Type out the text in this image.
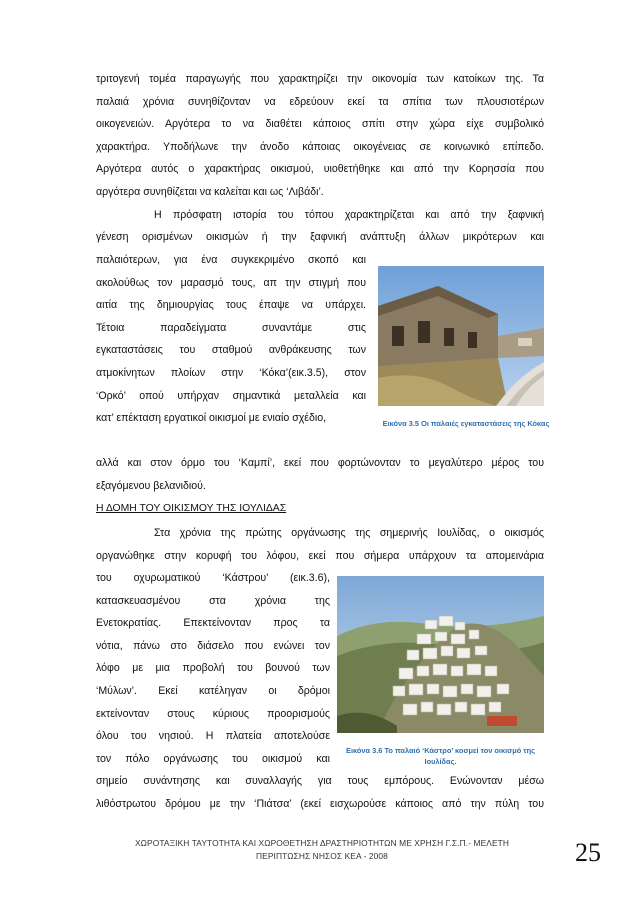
τριτογενή τομέα παραγωγής που χαρακτηρίζει την οικονομία των κατοίκων της. Τα
παλαιά χρόνια συνηθίζονταν να εδρεύουν εκεί τα σπίτια των πλουσιοτέρων
οικογενειών. Αργότερα το να διαθέτει κάποιος σπίτι στην χώρα είχε συμβολικό
χαρακτήρα. Υποδήλωνε την άνοδο κάποιας οικογένειας σε κοινωνικό επίπεδο.
Αργότερα αυτός ο χαρακτήρας οικισμού, υιοθετήθηκε και από την Κορησσία που
αργότερα συνηθίζεται να καλείται και ως ‘Λιβάδι’.
Η πρόσφατη ιστορία του τόπου χαρακτηρίζεται και από την ξαφνική
γένεση ορισμένων οικισμών ή την ξαφνική ανάπτυξη άλλων μικρότερων και
παλαιότερων, για ένα συγκεκριμένο σκοπό και
ακολούθως τον μαρασμό τους, απ την στιγμή που
αιτία της δημιουργίας τους έπαψε να υπάρχει.
Τέτοια παραδείγματα συναντάμε στις
εγκαταστάσεις του σταθμού ανθράκευσης των
ατμοκίνητων πλοίων στην ‘Κόκα’(εικ.3.5), στον
‘Ορκό’ οπού υπήρχαν σημαντικά μεταλλεία και
κατ’ επέκταση εργατικοί οικισμοί με ενιαίο σχέδιο,	Εικόνα 3.5 Οι παλαιές εγκαταστάσεις της Κόκας
αλλά και στον όρμο του ‘Καμπί’, εκεί που φορτώνονταν το μεγαλύτερο μέρος του
εξαγόμενου βελανιδιού.

Η ΔΟΜΗ ΤΟΥ ΟΙΚΙΣΜΟΥ ΤΗΣ ΙΟΥΛΙΔΑΣ

Στα χρόνια της πρώτης οργάνωσης της σημερινής Ιουλίδας, ο οικισμός
οργανώθηκε στην κορυφή του λόφου, εκεί που σήμερα υπάρχουν τα απομεινάρια
του οχυρωματικού ‘Κάστρου’ (εικ.3.6),
κατασκευασμένου στα χρόνια της
Ενετοκρατίας. Επεκτείνονταν προς τα
νότια, πάνω στο διάσελο που ενώνει τον
λόφο με μια προβολή του βουνού των
‘Μύλων’. Εκεί κατέληγαν οι δρόμοι
εκτείνονταν στους κύριους προορισμούς
όλου του νησιού. Η πλατεία αποτελούσε
τον πόλο οργάνωσης του οικισμού και
Εικόνα 3.6 Το παλαιό ‘Κάστρο’ κοσμεί τον οικισμό της
Ιουλίδας.
σημείο συνάντησης και συναλλαγής για τους εμπόρους. Ενώνονταν μέσω
λιθόστρωτου δρόμου με την ‘Πιάτσα’ (εκεί εισχωρούσε κάποιος από την πύλη του
ΧΩΡΟΤΑΞΙΚΗ ΤΑΥΤΟΤΗΤΑ ΚΑΙ ΧΩΡΟΘΕΤΗΣΗ ΔΡΑΣΤΗΡΙΟΤΗΤΩΝ ΜΕ ΧΡΗΣΗ Γ.Σ.Π.- ΜΕΛΕΤΗ
ΠΕΡΙΠΤΩΣΗΣ ΝΗΣΟΣ ΚΕΑ - 2008	25
